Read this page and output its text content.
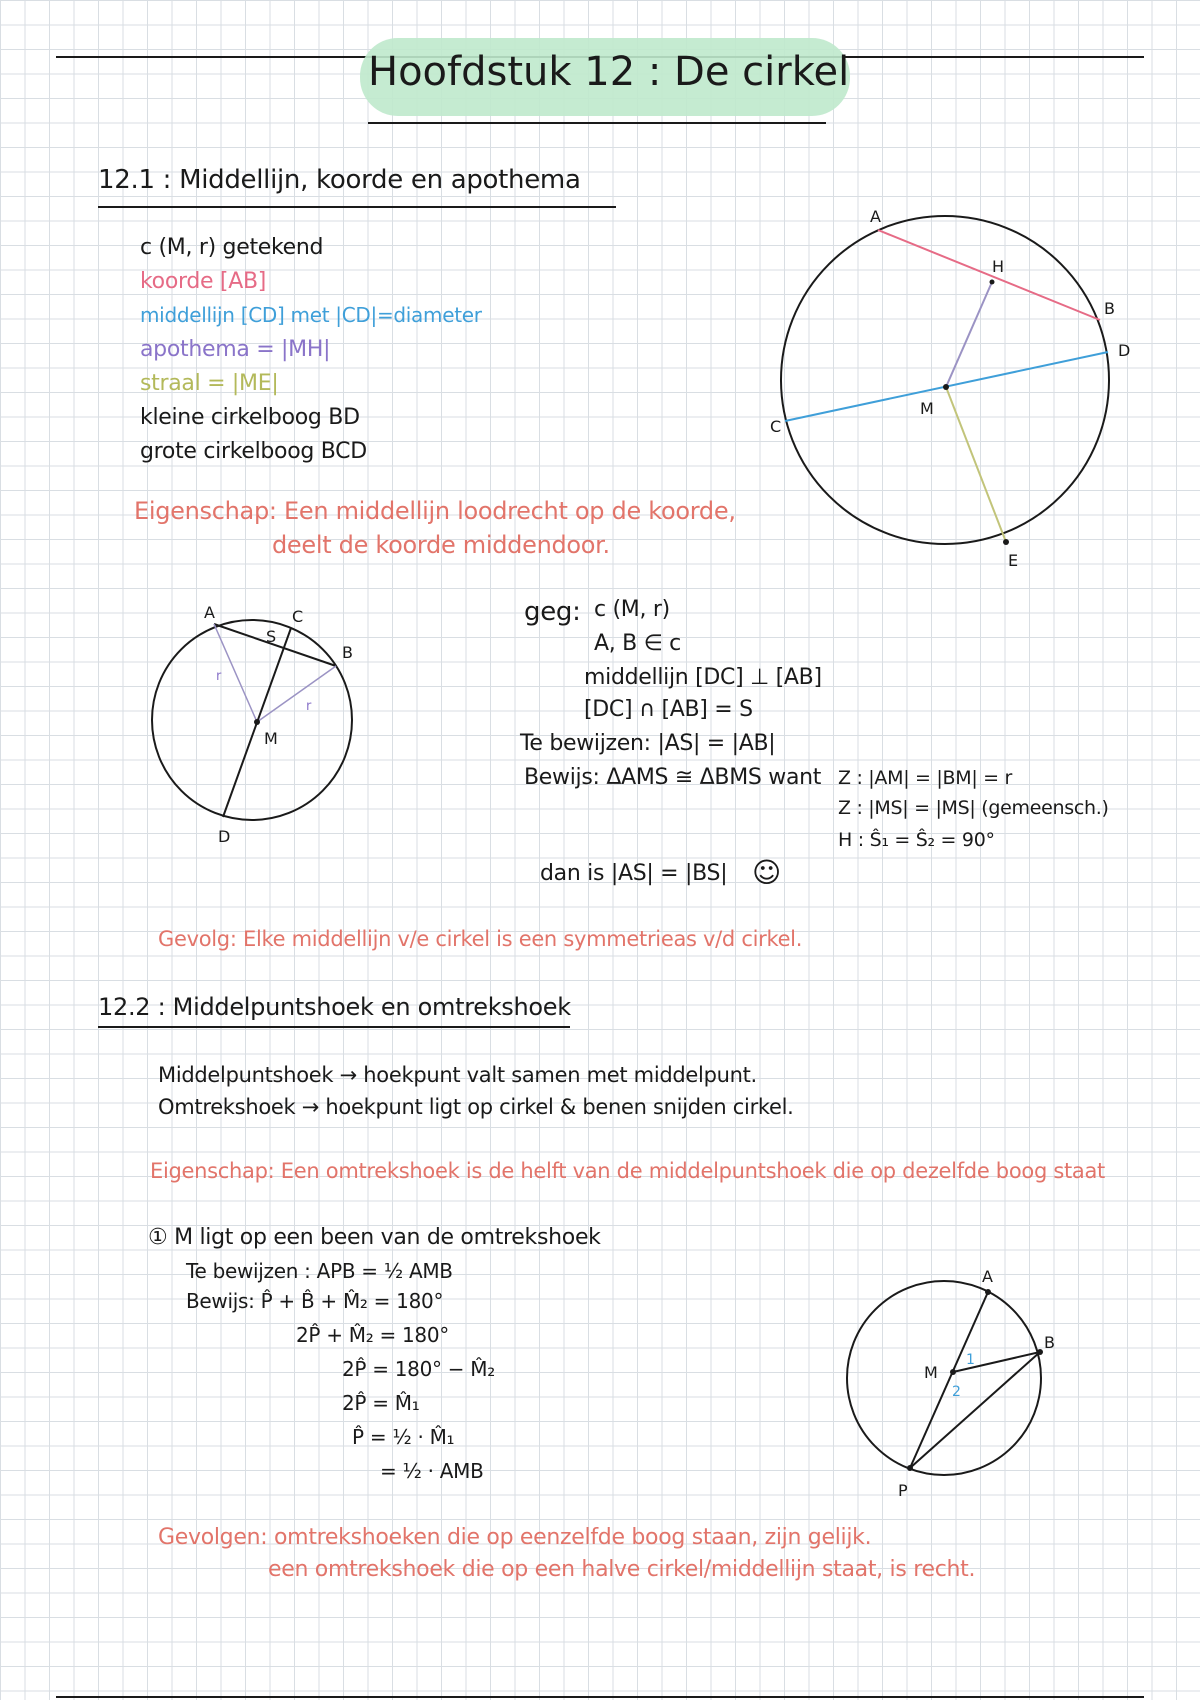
Hoofdstuk 12 : De cirkel
12.1 : Middellijn, koorde en apothema
c (M, r) getekend
koorde [AB]
middellijn [CD] met |CD|=diameter
apothema = |MH|
straal = |ME|
kleine cirkelboog BD
grote cirkelboog BCD
Eigenschap: Een middellijn loodrecht op de koorde,
deelt de koorde middendoor.
A
H
B
D
C
M
E
A	C
S
B
M
D
r
r
geg: c (M, r)
A, B ∈ c
middellijn [DC] ⊥ [AB]
[DC] ∩ [AB] = S
Te bewijzen: |AS| = |AB|
Bewijs: ΔAMS ≅ ΔBMS want Z : |AM| = |BM| = r
Z : |MS| = |MS| (gemeensch.)
H : Ŝ₁ = Ŝ₂ = 90°
dan is |AS| = |BS| ☺
Gevolg: Elke middellijn v/e cirkel is een symmetrieas v/d cirkel.
12.2 : Middelpuntshoek en omtrekshoek
Middelpuntshoek → hoekpunt valt samen met middelpunt.
Omtrekshoek → hoekpunt ligt op cirkel & benen snijden cirkel.
Eigenschap: Een omtrekshoek is de helft van de middelpuntshoek die op dezelfde boog staat
① M ligt op een been van de omtrekshoek
Te bewijzen : APB = ½ AMB
Bewijs: P̂ + B̂ + M̂₂ = 180°
2P̂ + M̂₂ = 180°
2P̂ = 180° − M̂₂
2P̂ = M̂₁
P̂ = ½ · M̂₁
= ½ · AMB
A
B
M
P
1
2
Gevolgen: omtrekshoeken die op eenzelfde boog staan, zijn gelijk.
een omtrekshoek die op een halve cirkel/middellijn staat, is recht.
